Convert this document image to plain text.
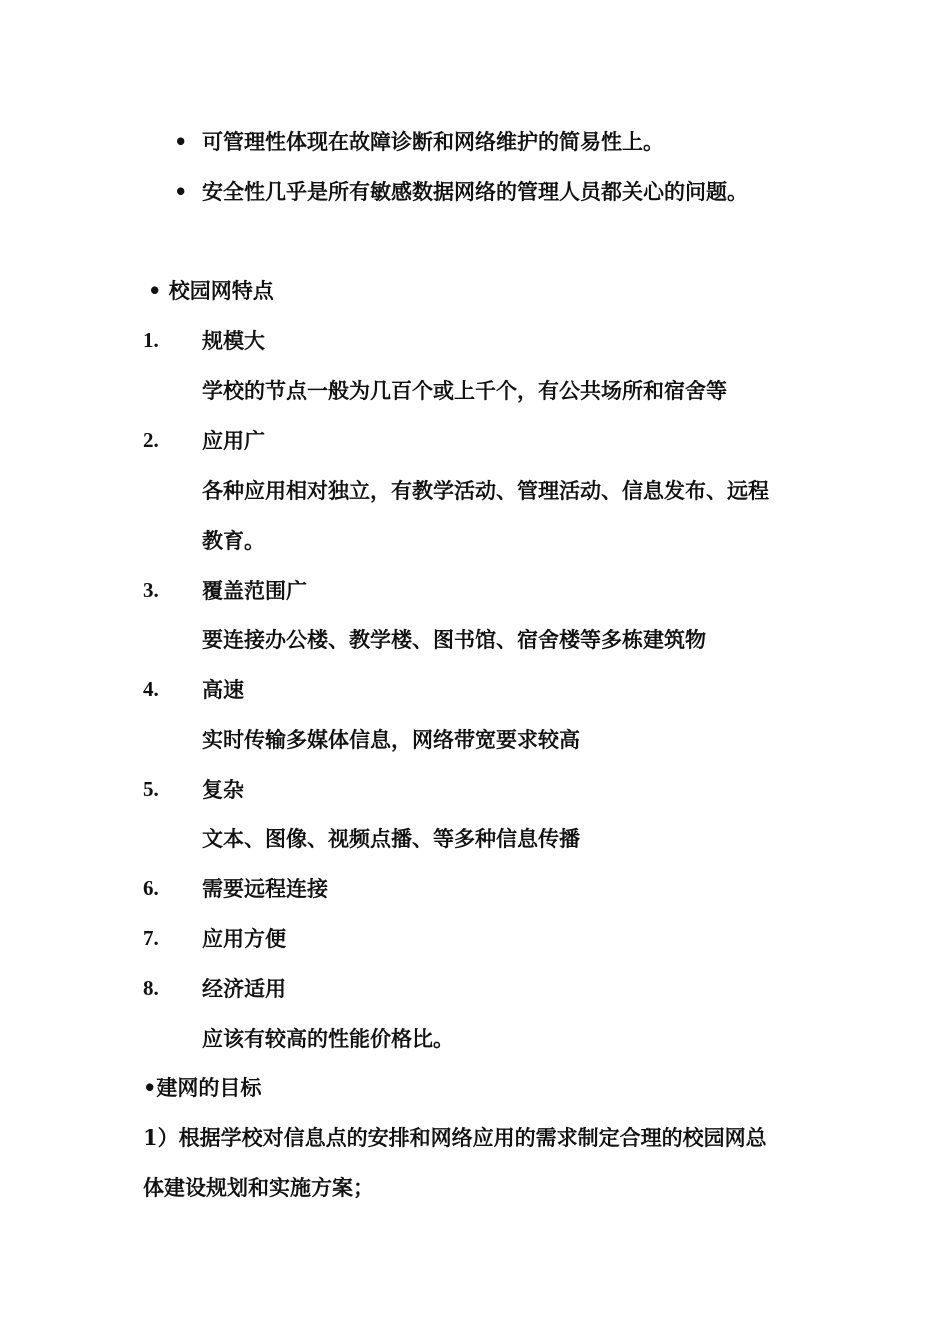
• 可管理性体现在故障诊断和网络维护的简易性上。
• 安全性几乎是所有敏感数据网络的管理人员都关心的问题。
• 校园网特点
1. 规模大
学校的节点一般为几百个或上千个，有公共场所和宿舍等
2. 应用广
各种应用相对独立，有教学活动、管理活动、信息发布、远程
教育。
3. 覆盖范围广
要连接办公楼、教学楼、图书馆、宿舍楼等多栋建筑物
4. 高速
实时传输多媒体信息，网络带宽要求较高
5. 复杂
文本、图像、视频点播、等多种信息传播
6. 需要远程连接
7. 应用方便
8. 经济适用
应该有较高的性能价格比。
•建网的目标
1）根据学校对信息点的安排和网络应用的需求制定合理的校园网总
体建设规划和实施方案；
